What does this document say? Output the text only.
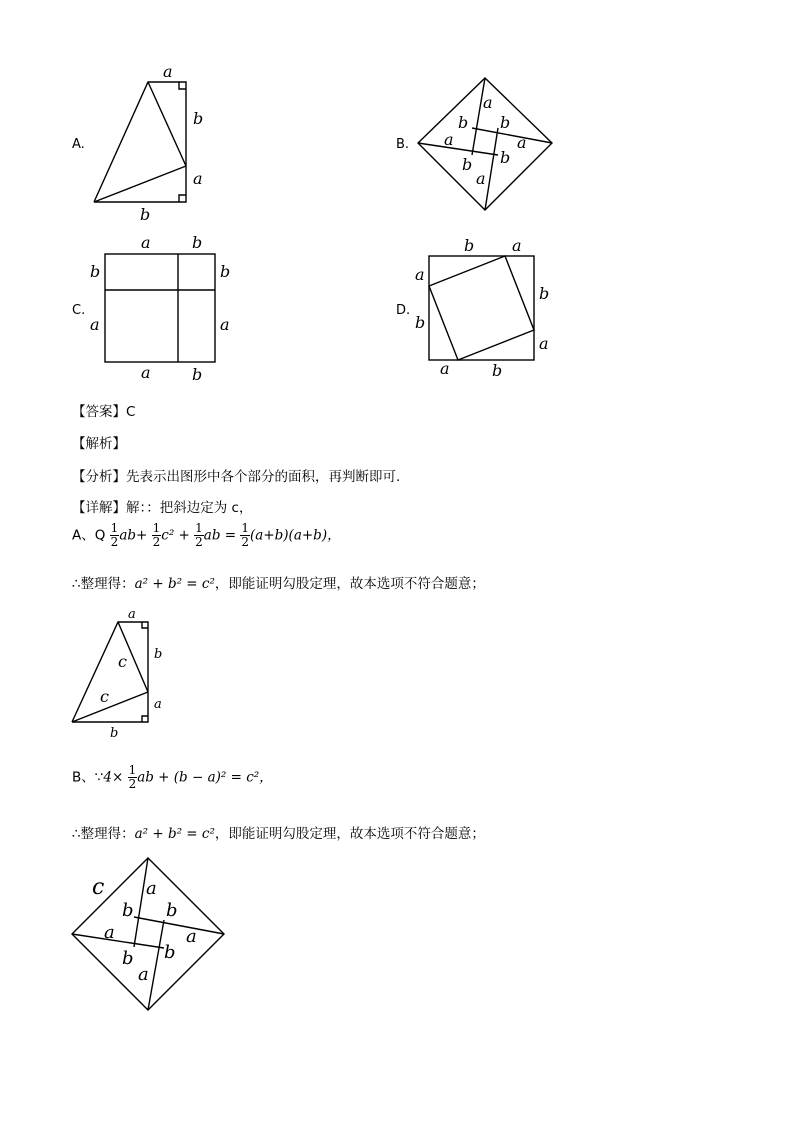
A.
a
b
a
b
B.
a
b b
a	a
b b
a
C.
a	b
b
a
b
a
a	b
D.
b a
a
b
b
a
a	b
【答案】C
【解析】
【分析】先表示出图形中各个部分的面积，再判断即可.
【详解】解：：把斜边定为 c，
A、Q $\frac{1}{2} ab+ \frac{1}{2} c^2 + \frac{1}{2}$ ab = $\frac{1}{2} (a+b)(a+b)$，
∴整理得：a² + b² = c²，即能证明勾股定理，故本选项不符合题意；
a
c
c
b
a
b
B、∵4× $\frac{1}{2}$ ab + (b − a)² = c²，
∴整理得：a² + b² = c²，即能证明勾股定理，故本选项不符合题意；
c a
b b
a	a
b b
a
